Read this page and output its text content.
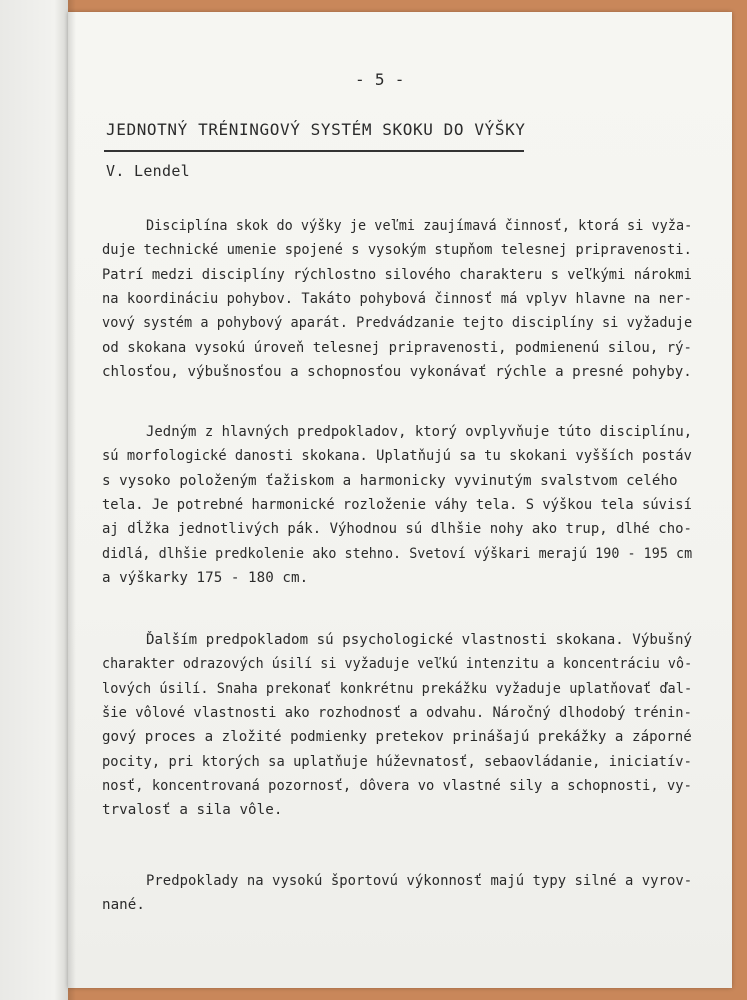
- 5 -
JEDNOTNÝ TRÉNINGOVÝ SYSTÉM SKOKU DO VÝŠKY
V. Lendel
Disciplína skok do výšky je veľmi zaujímavá činnosť, ktorá si vyža-
duje technické umenie spojené s vysokým stupňom telesnej pripravenosti.
Patrí medzi disciplíny rýchlostno silového charakteru s veľkými nárokmi
na koordináciu pohybov. Takáto pohybová činnosť má vplyv hlavne na ner-
vový systém a pohybový aparát. Predvádzanie tejto disciplíny si vyžaduje
od skokana vysokú úroveň telesnej pripravenosti, podmienenú silou, rý-
chlosťou, výbušnosťou a schopnosťou vykonávať rýchle a presné pohyby.
Jedným z hlavných predpokladov, ktorý ovplyvňuje túto disciplínu,
sú morfologické danosti skokana. Uplatňujú sa tu skokani vyšších postáv
s vysoko položeným ťažiskom a harmonicky vyvinutým svalstvom celého
tela. Je potrebné harmonické rozloženie váhy tela. S výškou tela súvisí
aj dĺžka jednotlivých pák. Výhodnou sú dlhšie nohy ako trup, dlhé cho-
didlá, dlhšie predkolenie ako stehno. Svetoví výškari merajú 190 - 195 cm
a výškarky 175 - 180 cm.
Ďalším predpokladom sú psychologické vlastnosti skokana. Výbušný
charakter odrazových úsilí si vyžaduje veľkú intenzitu a koncentráciu vô-
lových úsilí. Snaha prekonať konkrétnu prekážku vyžaduje uplatňovať ďal-
šie vôlové vlastnosti ako rozhodnosť a odvahu. Náročný dlhodobý trénin-
gový proces a zložité podmienky pretekov prinášajú prekážky a záporné
pocity, pri ktorých sa uplatňuje húževnatosť, sebaovládanie, iniciatív-
nosť, koncentrovaná pozornosť, dôvera vo vlastné sily a schopnosti, vy-
trvalosť a sila vôle.
Predpoklady na vysokú športovú výkonnosť majú typy silné a vyrov-
nané.
